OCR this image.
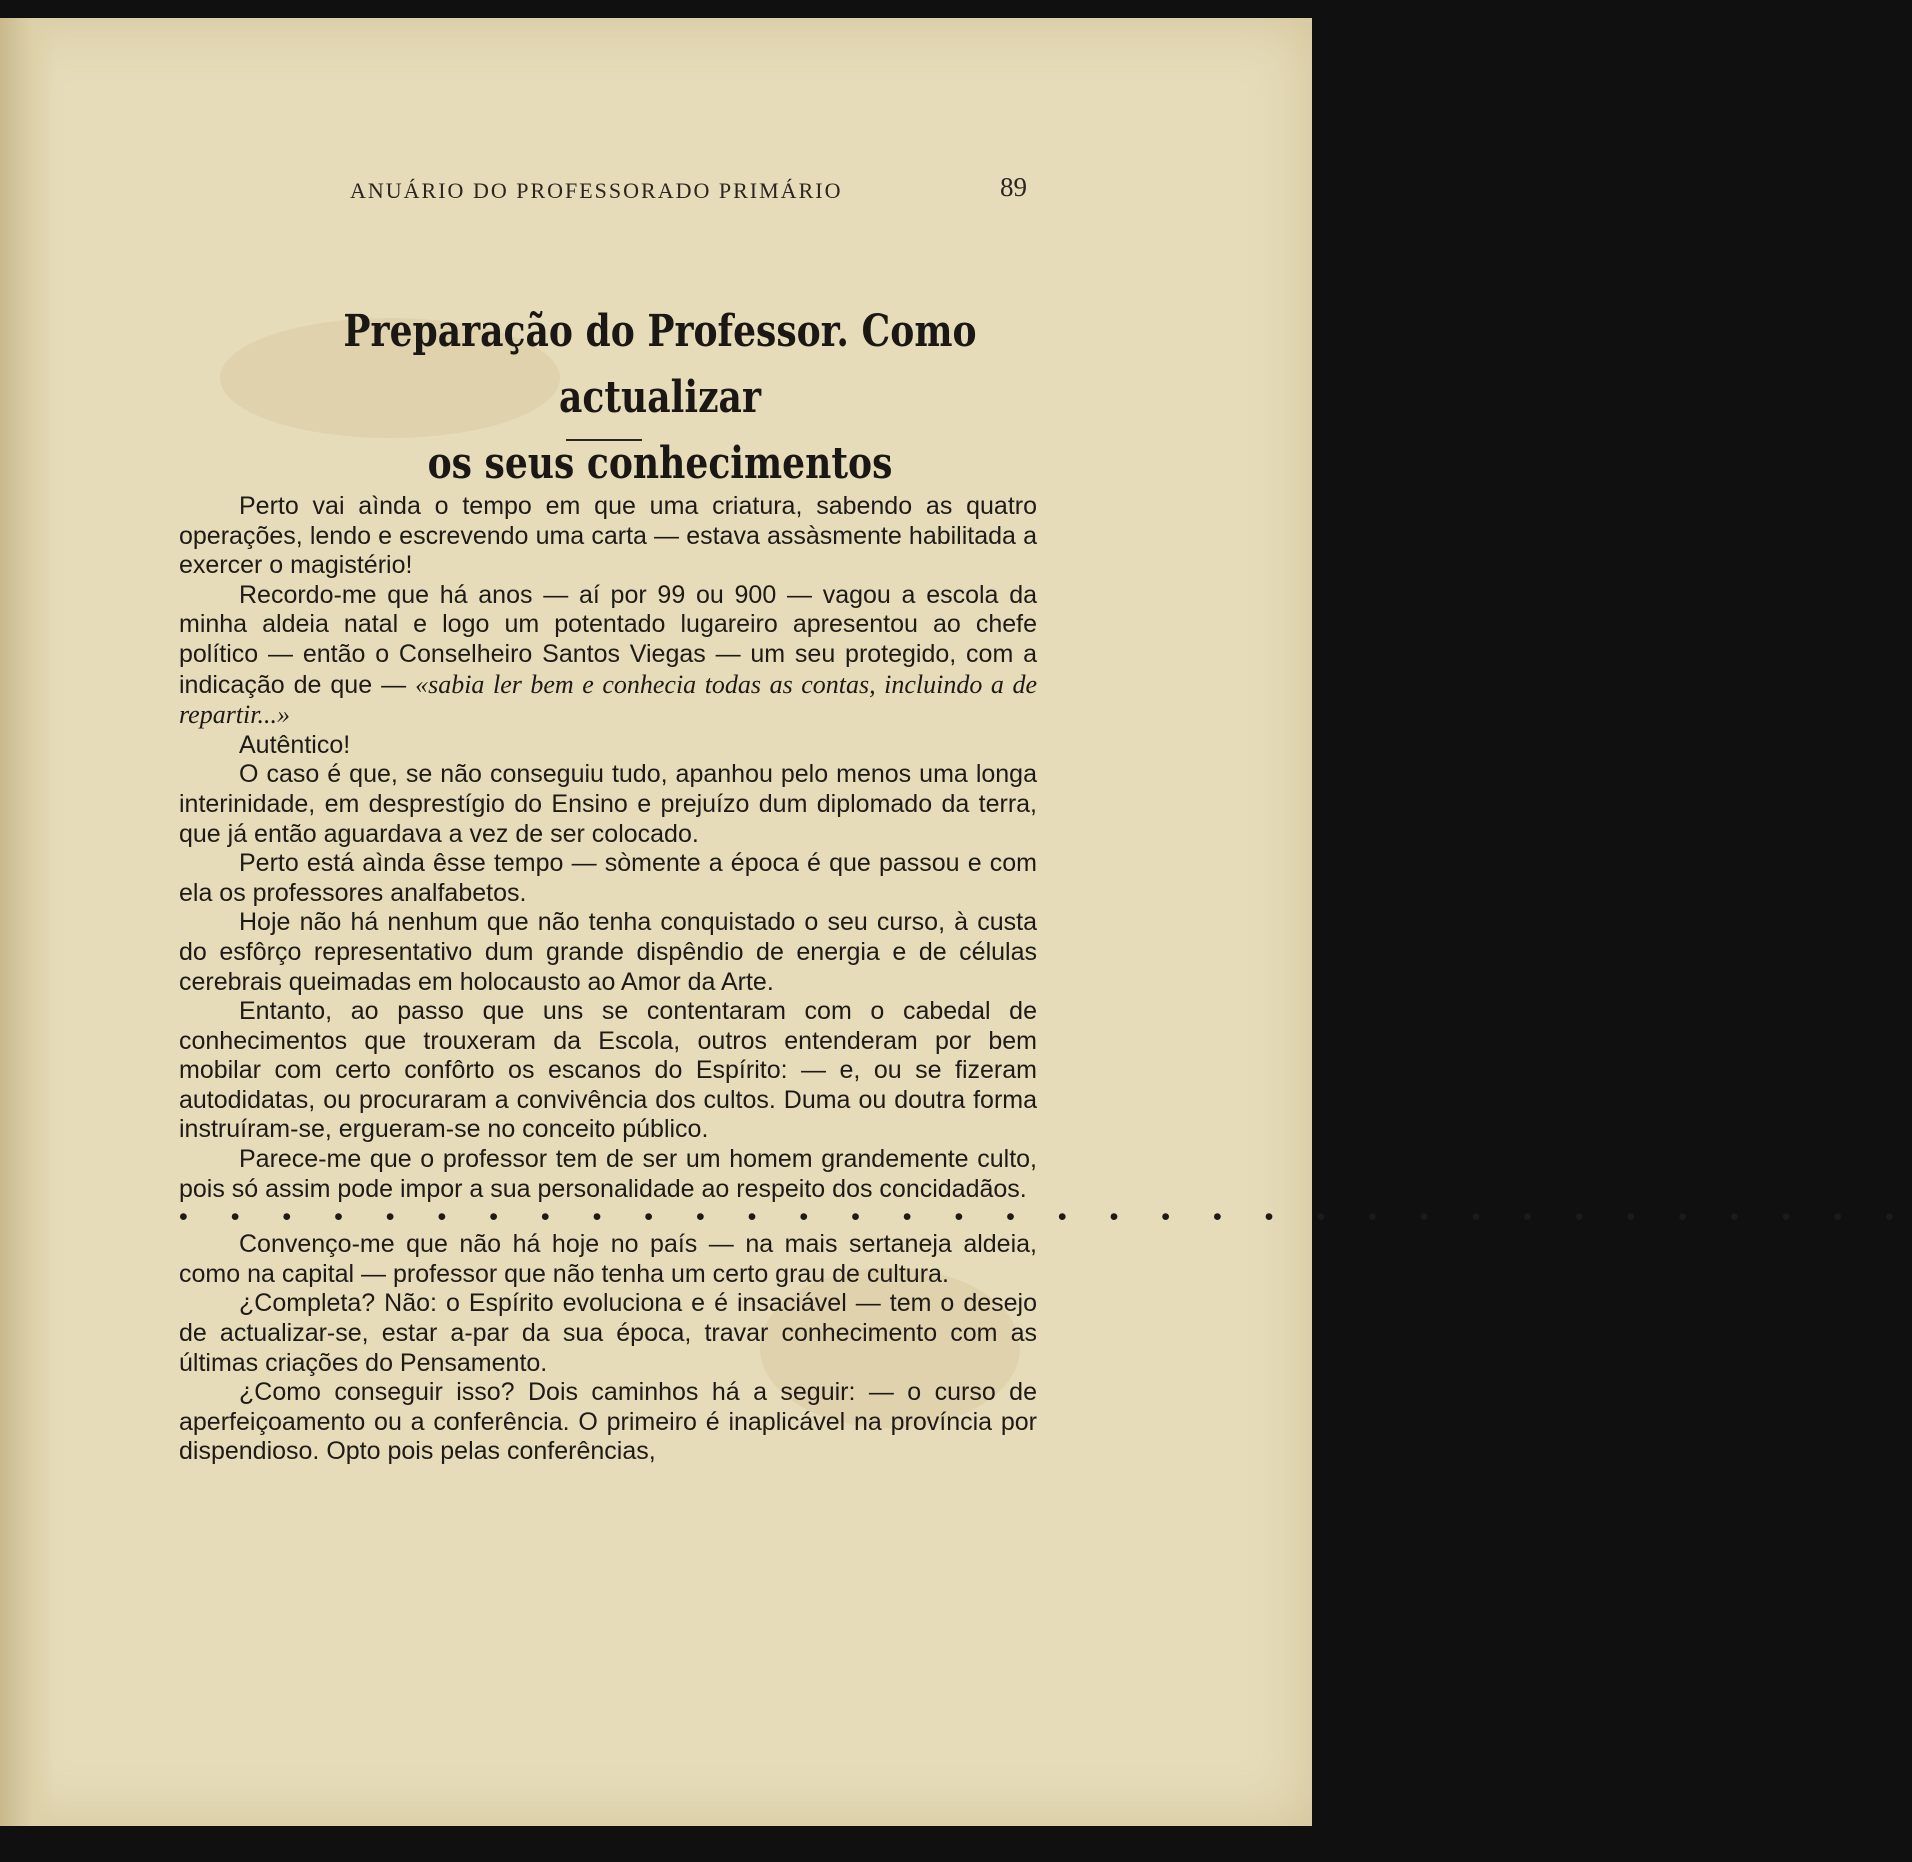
ANUÁRIO DO PROFESSORADO PRIMÁRIO	89
Preparação do Professor. Como actualizar
os seus conhecimentos

Perto vai aìnda o tempo em que uma criatura, sabendo as quatro operações, lendo e escrevendo uma carta — estava assàsmente habilitada a exercer o magistério!

Recordo-me que há anos — aí por 99 ou 900 — vagou a escola da minha aldeia natal e logo um potentado lugareiro apresentou ao chefe político — então o Conselheiro Santos Viegas — um seu protegido, com a indicação de que — «sabia ler bem e conhecia todas as contas, incluindo a de repartir...»

Autêntico!

O caso é que, se não conseguiu tudo, apanhou pelo menos uma longa interinidade, em desprestígio do Ensino e prejuízo dum diplomado da terra, que já então aguardava a vez de ser colocado.

Perto está aìnda êsse tempo — sòmente a época é que passou e com ela os professores analfabetos.

Hoje não há nenhum que não tenha conquistado o seu curso, à custa do esfôrço representativo dum grande dispêndio de energia e de células cerebrais queimadas em holocausto ao Amor da Arte.

Entanto, ao passo que uns se contentaram com o cabedal de conhecimentos que trouxeram da Escola, outros entenderam por bem mobilar com certo confôrto os escanos do Espírito: — e, ou se fizeram autodidatas, ou procuraram a convivência dos cultos. Duma ou doutra forma instruíram-se, ergueram-se no conceito público.

Parece-me que o professor tem de ser um homem grandemente culto, pois só assim pode impor a sua personalidade ao respeito dos concidadãos.

• • • • • • • • • • • • • • • • • • • • • • • • • • • • • • • • • •

Convenço-me que não há hoje no país — na mais sertaneja aldeia, como na capital — professor que não tenha um certo grau de cultura.

¿Completa? Não: o Espírito evoluciona e é insaciável — tem o desejo de actualizar-se, estar a-par da sua época, travar conhecimento com as últimas criações do Pensamento.

¿Como conseguir isso? Dois caminhos há a seguir: — o curso de aperfeiçoamento ou a conferência. O primeiro é inaplicável na província por dispendioso. Opto pois pelas conferências,
